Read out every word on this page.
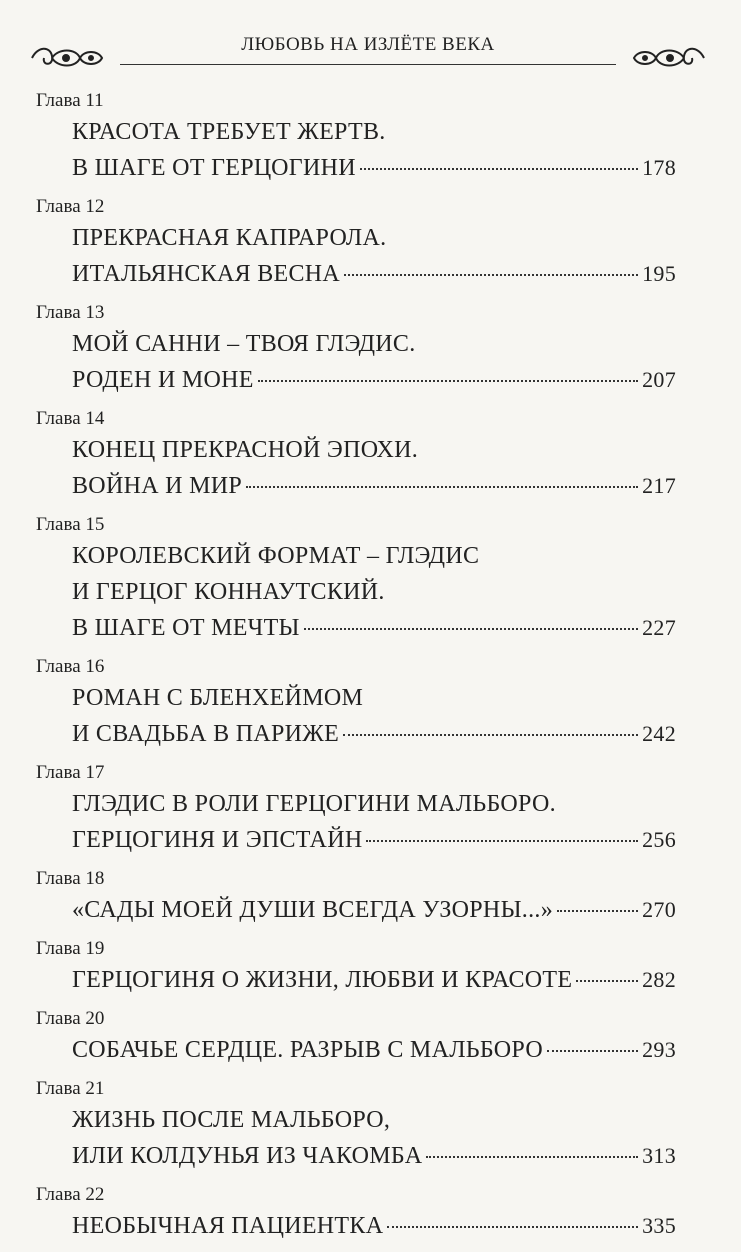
ЛЮБОВЬ НА ИЗЛЁТЕ ВЕКА
Глава 11
КРАСОТА ТРЕБУЕТ ЖЕРТВ.
В ШАГЕ ОТ ГЕРЦОГИНИ	178
Глава 12
ПРЕКРАСНАЯ КАПРАРОЛА.
ИТАЛЬЯНСКАЯ ВЕСНА	195
Глава 13
МОЙ САННИ – ТВОЯ ГЛЭДИС.
РОДЕН И МОНЕ	207
Глава 14
КОНЕЦ ПРЕКРАСНОЙ ЭПОХИ.
ВОЙНА И МИР	217
Глава 15
КОРОЛЕВСКИЙ ФОРМАТ – ГЛЭДИС
И ГЕРЦОГ КОННАУТСКИЙ.
В ШАГЕ ОТ МЕЧТЫ	227
Глава 16
РОМАН С БЛЕНХЕЙМОМ
И СВАДЬБА В ПАРИЖЕ	242
Глава 17
ГЛЭДИС В РОЛИ ГЕРЦОГИНИ МАЛЬБОРО.
ГЕРЦОГИНЯ И ЭПСТАЙН	256
Глава 18
«САДЫ МОЕЙ ДУШИ ВСЕГДА УЗОРНЫ...»	270
Глава 19
ГЕРЦОГИНЯ О ЖИЗНИ, ЛЮБВИ И КРАСОТЕ	282
Глава 20
СОБАЧЬЕ СЕРДЦЕ. РАЗРЫВ С МАЛЬБОРО	293
Глава 21
ЖИЗНЬ ПОСЛЕ МАЛЬБОРО,
ИЛИ КОЛДУНЬЯ ИЗ ЧАКОМБА	313
Глава 22
НЕОБЫЧНАЯ ПАЦИЕНТКА	335
